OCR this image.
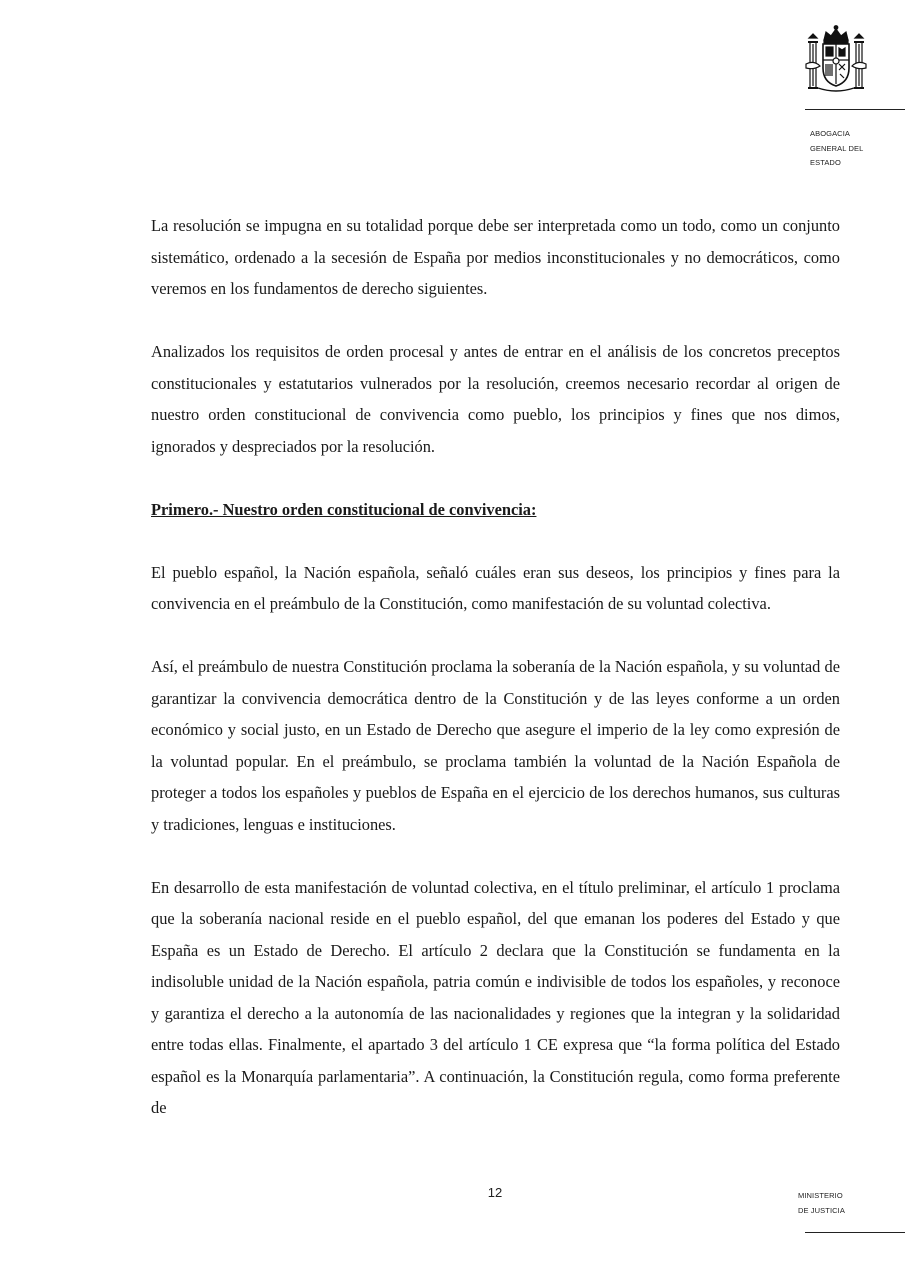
ABOGACIA
GENERAL DEL
ESTADO

La resolución se impugna en su totalidad porque debe ser interpretada como un todo, como un conjunto sistemático, ordenado a la secesión de España por medios inconstitucionales y no democráticos, como veremos en los fundamentos de derecho siguientes.

Analizados los requisitos de orden procesal y antes de entrar en el análisis de los concretos preceptos constitucionales y estatutarios vulnerados por la resolución, creemos necesario recordar al origen de nuestro orden constitucional de convivencia como pueblo, los principios y fines que nos dimos, ignorados y despreciados por la resolución.

Primero.- Nuestro orden constitucional de convivencia:

El pueblo español, la Nación española, señaló cuáles eran sus deseos, los principios y fines para la convivencia en el preámbulo de la Constitución, como manifestación de su voluntad colectiva.

Así, el preámbulo de nuestra Constitución proclama la soberanía de la Nación española, y su voluntad de garantizar la convivencia democrática dentro de la Constitución y de las leyes conforme a un orden económico y social justo, en un Estado de Derecho que asegure el imperio de la ley como expresión de la voluntad popular. En el preámbulo, se proclama también la voluntad de la Nación Española de proteger a todos los españoles y pueblos de España en el ejercicio de los derechos humanos, sus culturas y tradiciones, lenguas e instituciones.

En desarrollo de esta manifestación de voluntad colectiva, en el título preliminar, el artículo 1 proclama que la soberanía nacional reside en el pueblo español, del que emanan los poderes del Estado y que España es un Estado de Derecho. El artículo 2 declara que la Constitución se fundamenta en la indisoluble unidad de la Nación española, patria común e indivisible de todos los españoles, y reconoce y garantiza el derecho a la autonomía de las nacionalidades y regiones que la integran y la solidaridad entre todas ellas. Finalmente, el apartado 3 del artículo 1 CE expresa que “la forma política del Estado español es la Monarquía parlamentaria”. A continuación, la Constitución regula, como forma preferente de

12	MINISTERIO
DE JUSTICIA
